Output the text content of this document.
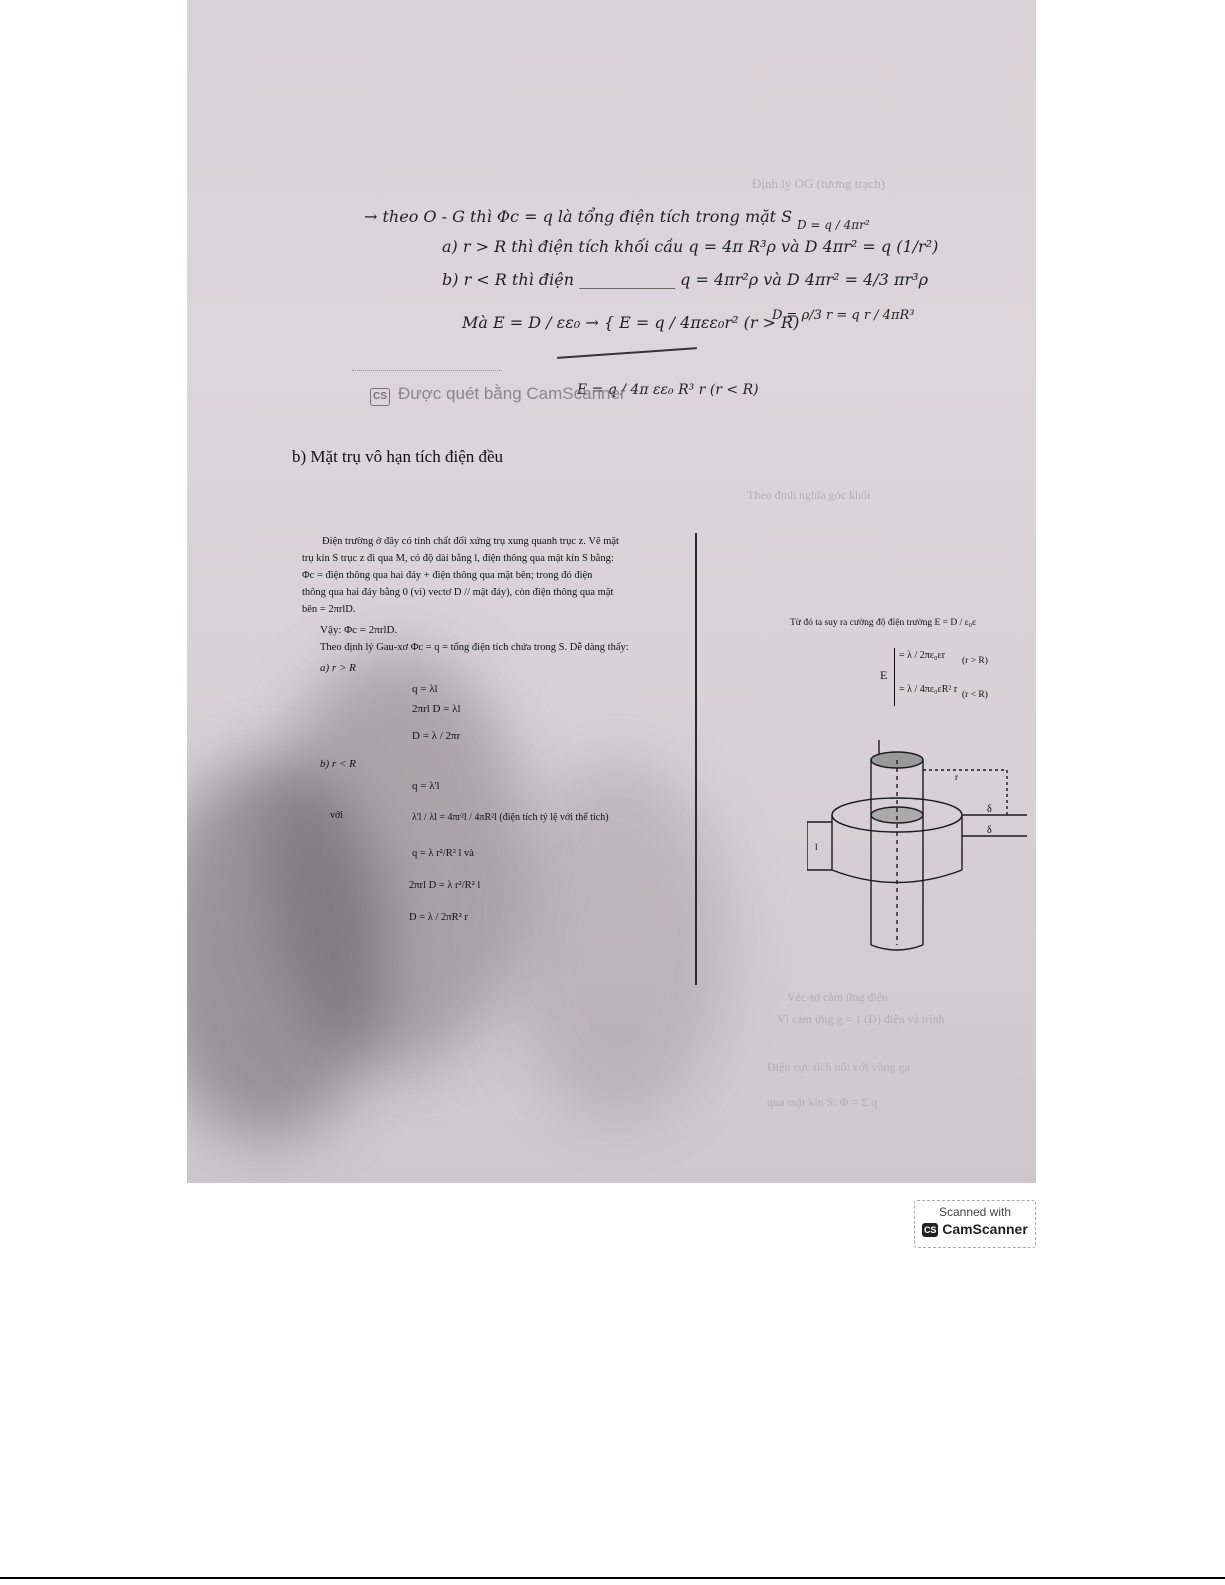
→ theo O - G thì Φc = q là tổng điện tích trong mặt S .
a) r > R thì điện tích khối cầu q = 4π R³ρ và D 4πr² = q (1/r²)
b) r < R thì điện ____________ q = 4πr²ρ và D 4πr² = 4/3 πr³ρ
Mà E = D / εε₀ → { E = q / 4πεε₀r² (r > R)
E = q / 4π εε₀ R³ r (r < R)
D = q / 4πr²
D = ρ/3 r = q r / 4πR³
CS Được quét bằng CamScanner
b) Mặt trụ vô hạn tích điện đều
Điện trường ở đây có tính chất đối xứng trụ xung quanh trục z. Vẽ mặt
trụ kín S trục z đi qua M, có độ dài bằng l, điện thông qua mặt kín S bằng:
Φc = điện thông qua hai đáy + điện thông qua mặt bên; trong đó điện
thông qua hai đáy bằng 0 (vì) vectơ D // mặt đáy), còn điện thông qua mặt
bên = 2πrlD.
Vậy: Φc = 2πrlD.
Theo định lý Gau-xơ Φc = q = tổng điện tích chứa trong S. Dễ dàng thấy:
a) r > R
q = λl
2πrl D = λl
D = λ / 2πr
b) r < R
q = λ'l
với	λ'l / λl = 4πr²l / 4πR²l (điện tích tỷ lệ với thể tích)
q = λ r²/R² l và
2πrl D = λ r²/R² l
D = λ / 2πR² r
Từ đó ta suy ra cường độ điện trường E = D / ε₀ε
E
= λ / 2πε₀εr (r > R)
= λ / 4πε₀εR² r (r < R)
r
l
δ
δ
Định lý OG (tương trạch)
Theo định nghĩa góc khối
Véc-tơ cảm ứng điện
Vì cảm ứng g = 1 (Đ) điện và trình
Điện cực tích nối với vùng ga
qua mặt kín S: Φ = Σ q
Scanned with
CS CamScanner
